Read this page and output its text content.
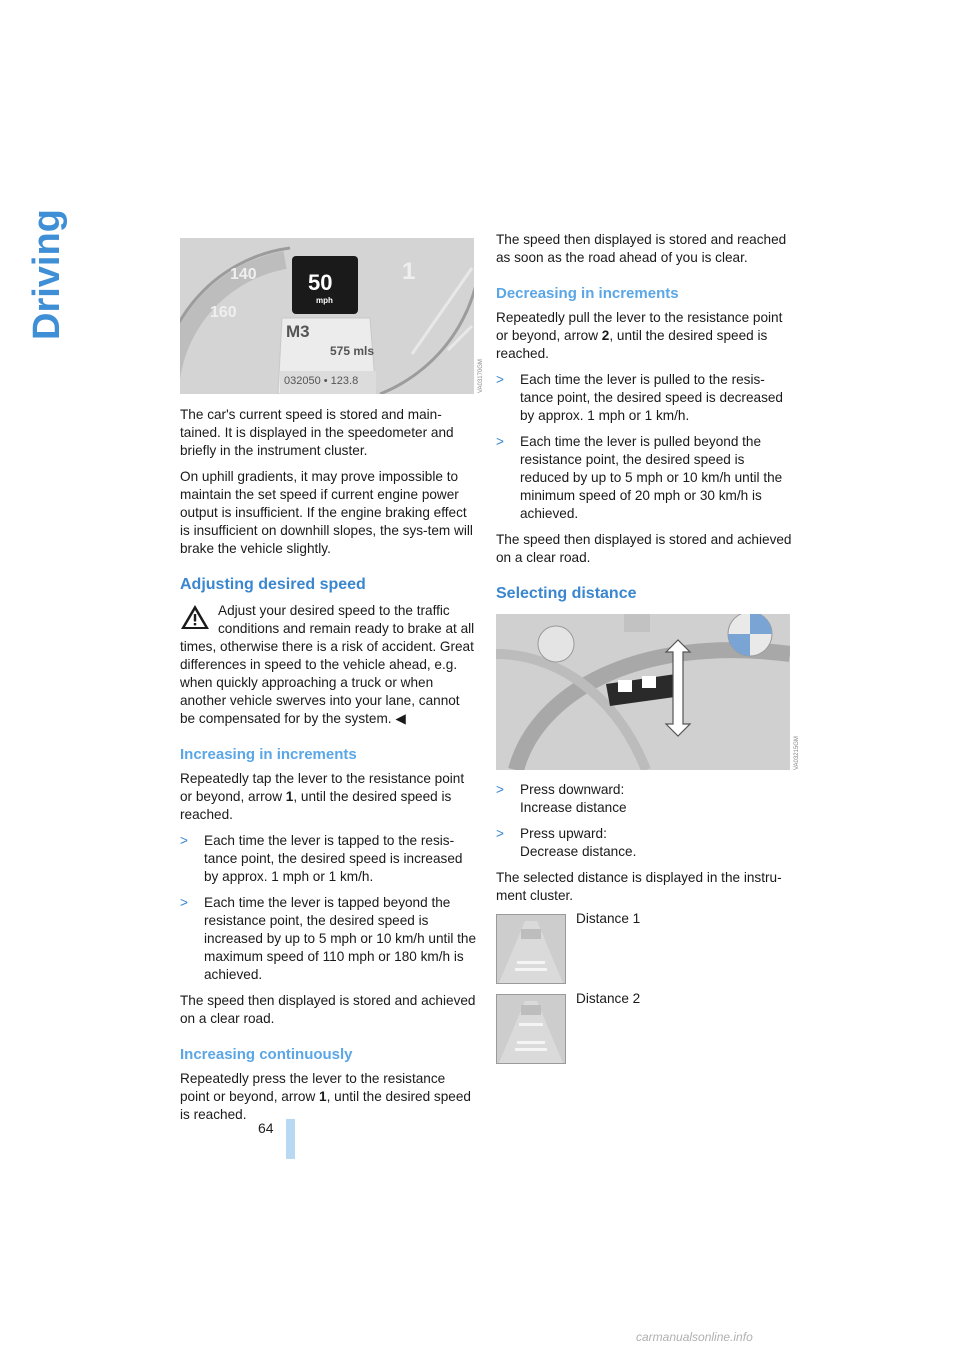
Driving
64
50
mph
M3
575 mls
032050 • 123.8
140
160
1
VA03170GM

The car's current speed is stored and main-tained. It is displayed in the speedometer and briefly in the instrument cluster.

On uphill gradients, it may prove impossible to maintain the set speed if current engine power output is insufficient. If the engine braking effect is insufficient on downhill slopes, the sys-tem will brake the vehicle slightly.

Adjusting desired speed

Adjust your desired speed to the traffic conditions and remain ready to brake at all times, otherwise there is a risk of accident. Great differences in speed to the vehicle ahead, e.g. when quickly approaching a truck or when another vehicle swerves into your lane, cannot be compensated for by the system. ◀

Increasing in increments

Repeatedly tap the lever to the resistance point or beyond, arrow 1, until the desired speed is reached.

> Each time the lever is tapped to the resis-tance point, the desired speed is increased by approx. 1 mph or 1 km/h.
> Each time the lever is tapped beyond the resistance point, the desired speed is increased by up to 5 mph or 10 km/h until the maximum speed of 110 mph or 180 km/h is achieved.

The speed then displayed is stored and achieved on a clear road.

Increasing continuously

Repeatedly press the lever to the resistance point or beyond, arrow 1, until the desired speed is reached.

The speed then displayed is stored and reached as soon as the road ahead of you is clear.

Decreasing in increments

Repeatedly pull the lever to the resistance point or beyond, arrow 2, until the desired speed is reached.

> Each time the lever is pulled to the resis-tance point, the desired speed is decreased by approx. 1 mph or 1 km/h.
> Each time the lever is pulled beyond the resistance point, the desired speed is reduced by up to 5 mph or 10 km/h until the minimum speed of 20 mph or 30 km/h is achieved.

The speed then displayed is stored and achieved on a clear road.

Selecting distance
VA03215GM
> Press downward:
Increase distance
> Press upward:
Decrease distance.

The selected distance is displayed in the instru-ment cluster.

Distance 1
Distance 2
carmanualsonline.info
